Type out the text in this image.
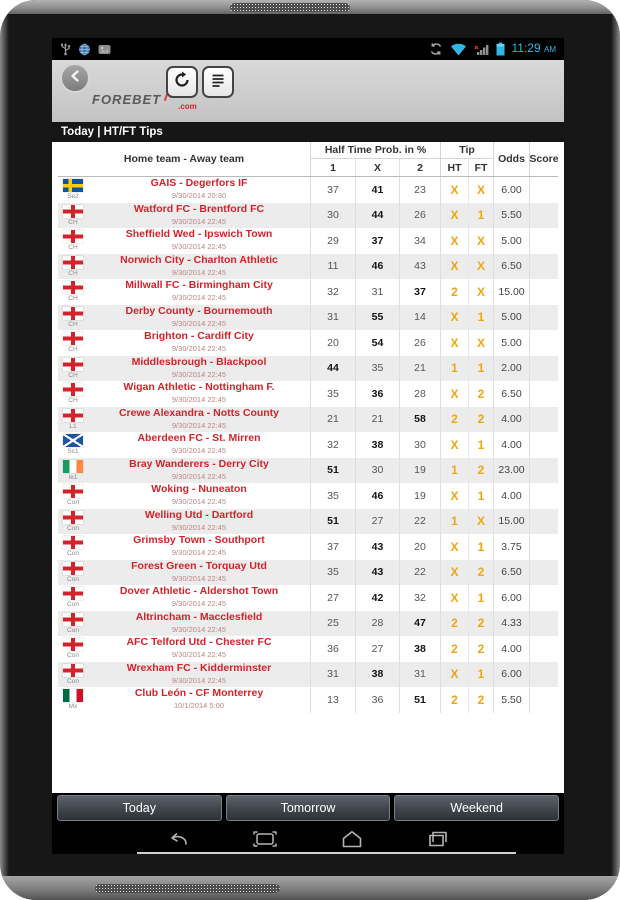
11:29 AM
FOREBET .com
Today | HT/FT Tips
Home team - Away team
Half Time Prob. in %	Tip
1	X	2	HT	FT
Odds Score
Se2
GAIS - Degerfors IF
9/30/2014 20:30	37	41	23	X	X	6.00
CH
Watford FC - Brentford FC
9/30/2014 22:45	30	44	26	X	1	5.50
CH
Sheffield Wed - Ipswich Town
9/30/2014 22:45	29	37	34	X	X	5.00
CH
Norwich City - Charlton Athletic
9/30/2014 22:45	11	46	43	X	X	6.50
CH
Millwall FC - Birmingham City
9/30/2014 22:45	32	31	37	2	X	15.00
CH
Derby County - Bournemouth
9/30/2014 22:45	31	55	14	X	1	5.00
CH
Brighton - Cardiff City
9/30/2014 22:45	20	54	26	X	X	5.00
CH
Middlesbrough - Blackpool
9/30/2014 22:45	44	35	21	1	1	2.00
CH
Wigan Athletic - Nottingham F.
9/30/2014 22:45	35	36	28	X	2	6.50
L1
Crewe Alexandra - Notts County
9/30/2014 22:45	21	21	58	2	2	4.00
Sc1
Aberdeen FC - St. Mirren
9/30/2014 22:45	32	38	30	X	1	4.00
Ie1
Bray Wanderers - Derry City
9/30/2014 22:45	51	30	19	1	2	23.00
Con
Woking - Nuneaton
9/30/2014 22:45	35	46	19	X	1	4.00
Con
Welling Utd - Dartford
9/30/2014 22:45	51	27	22	1	X	15.00
Con
Grimsby Town - Southport
9/30/2014 22:45	37	43	20	X	1	3.75
Con
Forest Green - Torquay Utd
9/30/2014 22:45	35	43	22	X	2	6.50
Con
Dover Athletic - Aldershot Town
9/30/2014 22:45	27	42	32	X	1	6.00
Con
Altrincham - Macclesfield
9/30/2014 22:45	25	28	47	2	2	4.33
Con
AFC Telford Utd - Chester FC
9/30/2014 22:45	36	27	38	2	2	4.00
Con
Wrexham FC - Kidderminster
9/30/2014 22:45	31	38	31	X	1	6.00
Mx
Club León - CF Monterrey
10/1/2014 5:00	13	36	51	2	2	5.50
Today	Tomorrow	Weekend
